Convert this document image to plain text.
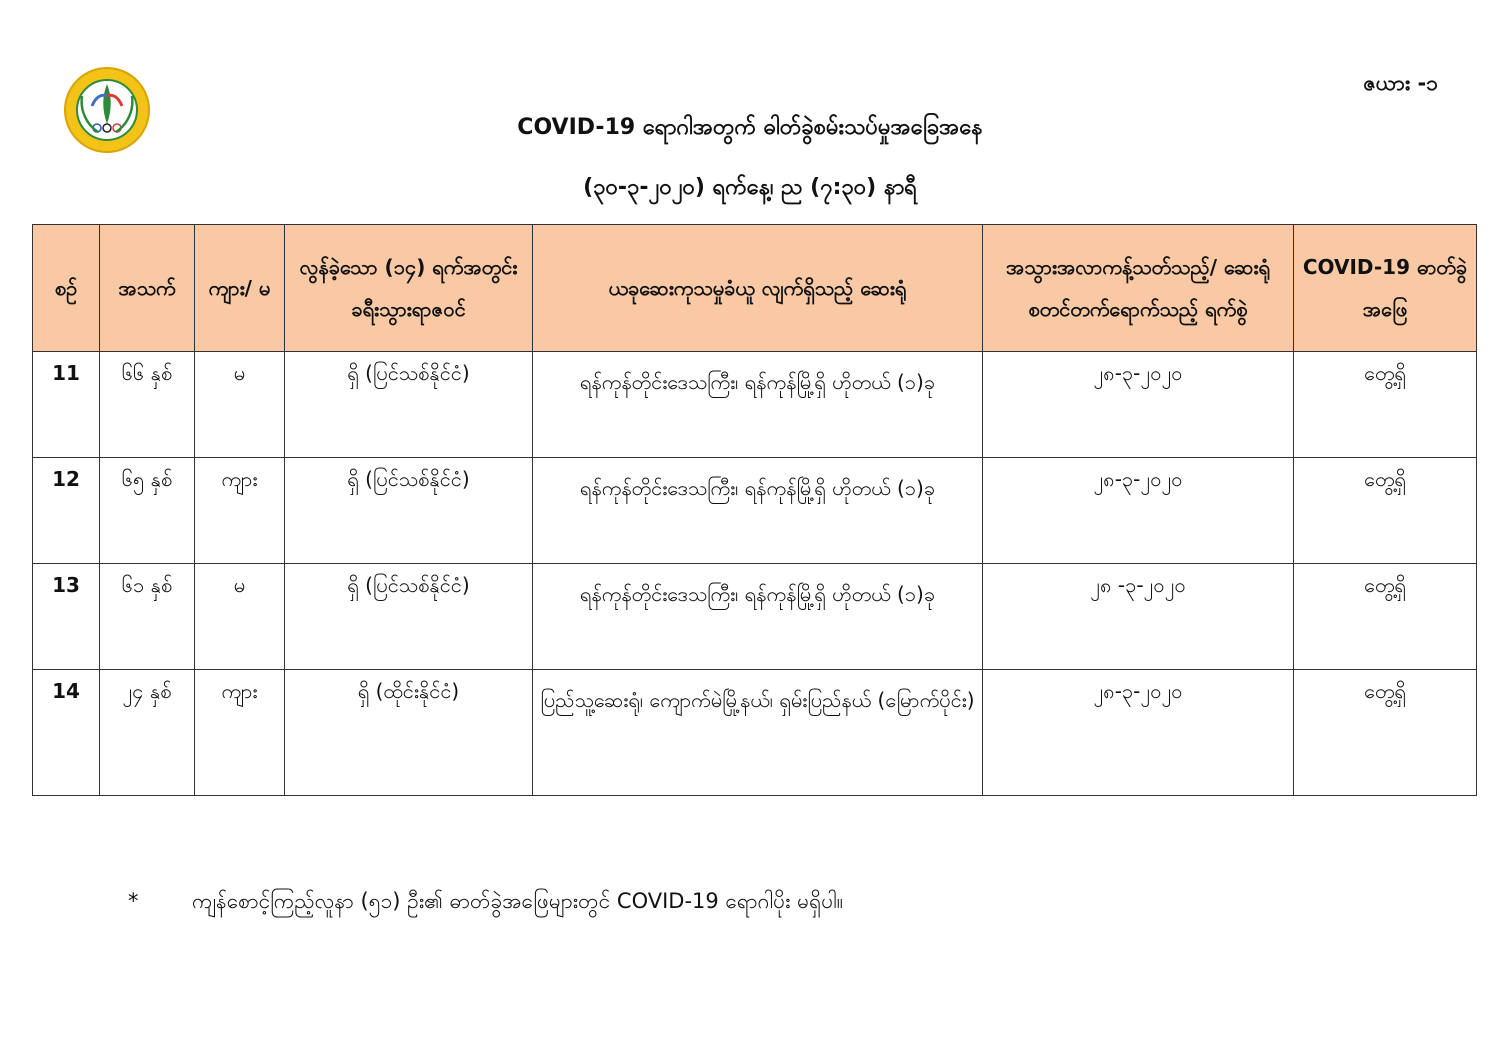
ဇယား -၁
COVID-19 ရောဂါအတွက် ဓါတ်ခွဲစမ်းသပ်မှုအခြေအနေ
(၃၀-၃-၂၀၂၀) ရက်နေ့၊ ည (၇:၃၀) နာရီ
စဉ်	အသက်	ကျား/ မ	လွန်ခဲ့သော (၁၄) ရက်အတွင်း ခရီးသွားရာဇဝင်	ယခုဆေးကုသမှုခံယူ လျက်ရှိသည့် ဆေးရုံ	အသွားအလာကန့်သတ်သည့်/ ဆေးရုံစတင်တက်ရောက်သည့် ရက်စွဲ	COVID-19 ဓာတ်ခွဲ အဖြေ
11	၆၆ နှစ်	မ	ရှိ (ပြင်သစ်နိုင်ငံ)	ရန်ကုန်တိုင်းဒေသကြီး၊ ရန်ကုန်မြို့ရှိ ဟိုတယ် (၁)ခု	၂၈-၃-၂၀၂၀	တွေ့ရှိ
12	၆၅ နှစ်	ကျား	ရှိ (ပြင်သစ်နိုင်ငံ)	ရန်ကုန်တိုင်းဒေသကြီး၊ ရန်ကုန်မြို့ရှိ ဟိုတယ် (၁)ခု	၂၈-၃-၂၀၂၀	တွေ့ရှိ
13	၆၁ နှစ်	မ	ရှိ (ပြင်သစ်နိုင်ငံ)	ရန်ကုန်တိုင်းဒေသကြီး၊ ရန်ကုန်မြို့ရှိ ဟိုတယ် (၁)ခု	၂၈ -၃-၂၀၂၀	တွေ့ရှိ
14	၂၄ နှစ်	ကျား	ရှိ (ထိုင်းနိုင်ငံ)	ပြည်သူ့ဆေးရုံ၊ ကျောက်မဲမြို့နယ်၊ ရှမ်းပြည်နယ် (မြောက်ပိုင်း)	၂၈-၃-၂၀၂၀	တွေ့ရှိ
*	ကျန်စောင့်ကြည့်လူနာ (၅၁) ဦး၏ ဓာတ်ခွဲအဖြေများတွင် COVID-19 ရောဂါပိုး မရှိပါ။
